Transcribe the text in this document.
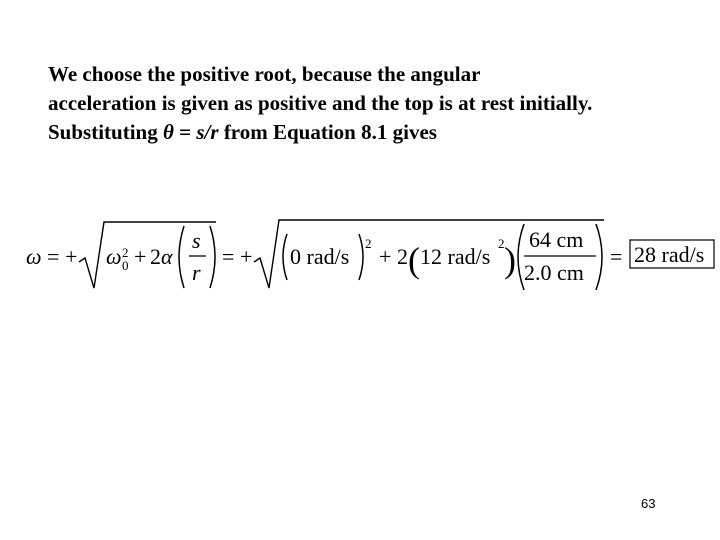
We choose the positive root, because the angular
acceleration is given as positive and the top is at rest initially.
Substituting θ = s/r from Equation 8.1 gives
ω = + ω 2
0 + 2 α
s
r
= + 0 rad/s
2
+ 2 ( 12 rad/s
2 )
64 cm
2.0 cm
= 28 rad/s
63
